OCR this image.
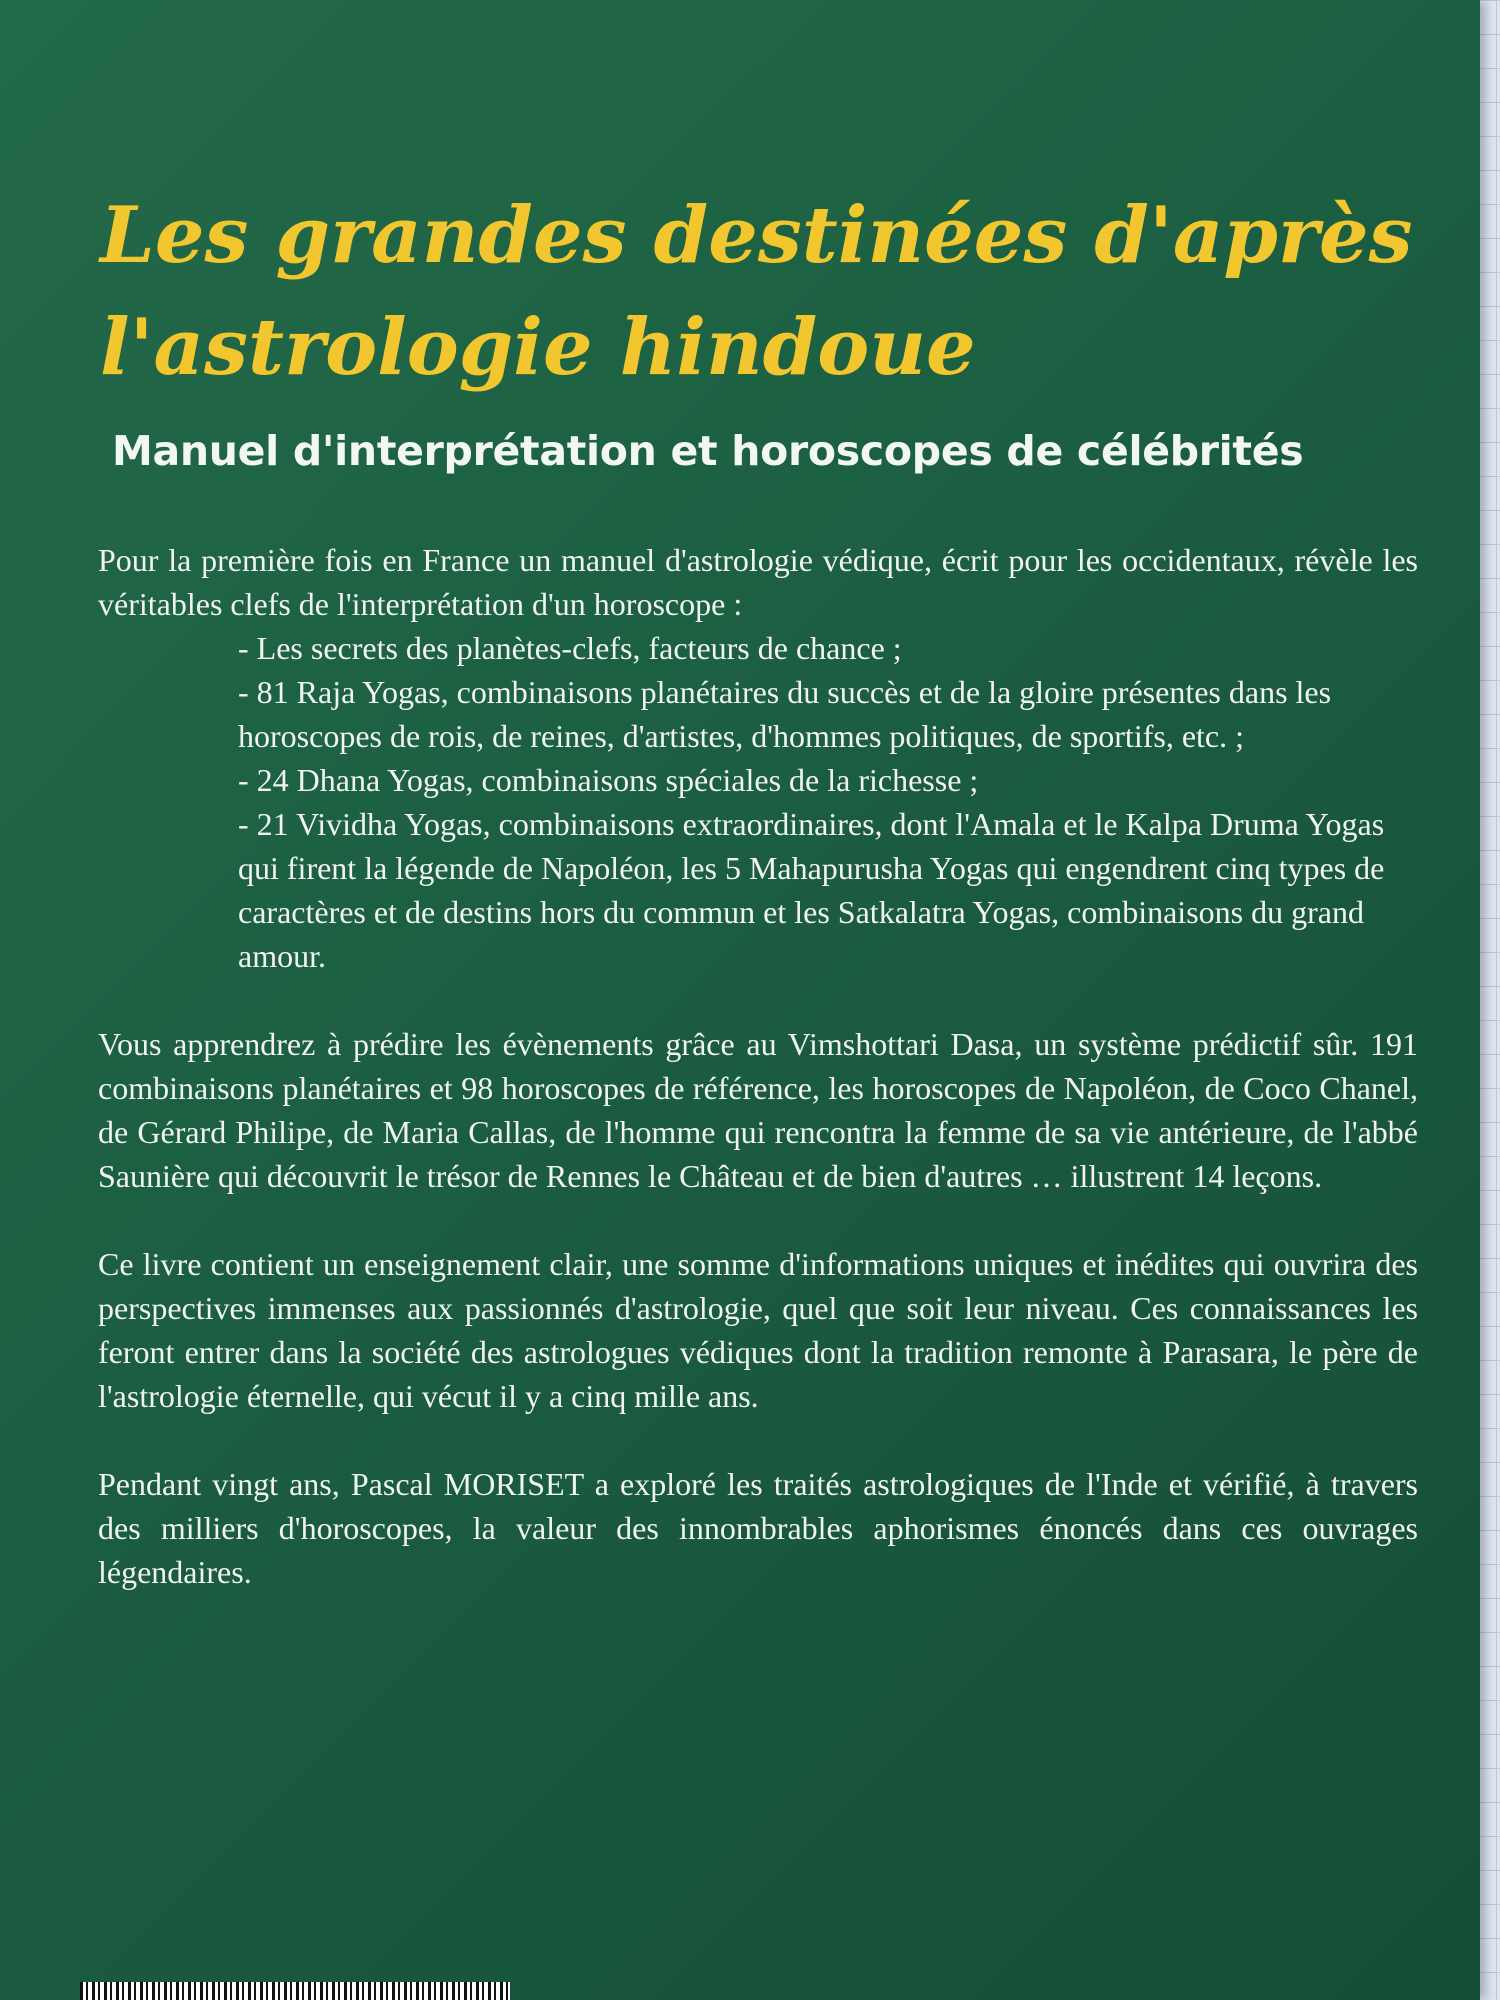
Les grandes destinées d'après
l'astrologie hindoue
Manuel d'interprétation et horoscopes de célébrités

Pour la première fois en France un manuel d'astrologie védique, écrit pour les occidentaux, révèle les véritables clefs de l'interprétation d'un horoscope :

- Les secrets des planètes-clefs, facteurs de chance ;
- 81 Raja Yogas, combinaisons planétaires du succès et de la gloire présentes dans les horoscopes de rois, de reines, d'artistes, d'hommes politiques, de sportifs, etc. ;
- 24 Dhana Yogas, combinaisons spéciales de la richesse ;
- 21 Vividha Yogas, combinaisons extraordinaires, dont l'Amala et le Kalpa Druma Yogas qui firent la légende de Napoléon, les 5 Mahapurusha Yogas qui engendrent cinq types de caractères et de destins hors du commun et les Satkalatra Yogas, combinaisons du grand amour.

Vous apprendrez à prédire les évènements grâce au Vimshottari Dasa, un système prédictif sûr. 191 combinaisons planétaires et 98 horoscopes de référence, les horoscopes de Napoléon, de Coco Chanel, de Gérard Philipe, de Maria Callas, de l'homme qui rencontra la femme de sa vie antérieure, de l'abbé Saunière qui découvrit le trésor de Rennes le Château et de bien d'autres … illustrent 14 leçons.

Ce livre contient un enseignement clair, une somme d'informations uniques et inédites qui ouvrira des perspectives immenses aux passionnés d'astrologie, quel que soit leur niveau. Ces connaissances les feront entrer dans la société des astrologues védiques dont la tradition remonte à Parasara, le père de l'astrologie éternelle, qui vécut il y a cinq mille ans.

Pendant vingt ans, Pascal MORISET a exploré les traités astrologiques de l'Inde et vérifié, à travers des milliers d'horoscopes, la valeur des innombrables aphorismes énoncés dans ces ouvrages légendaires.
